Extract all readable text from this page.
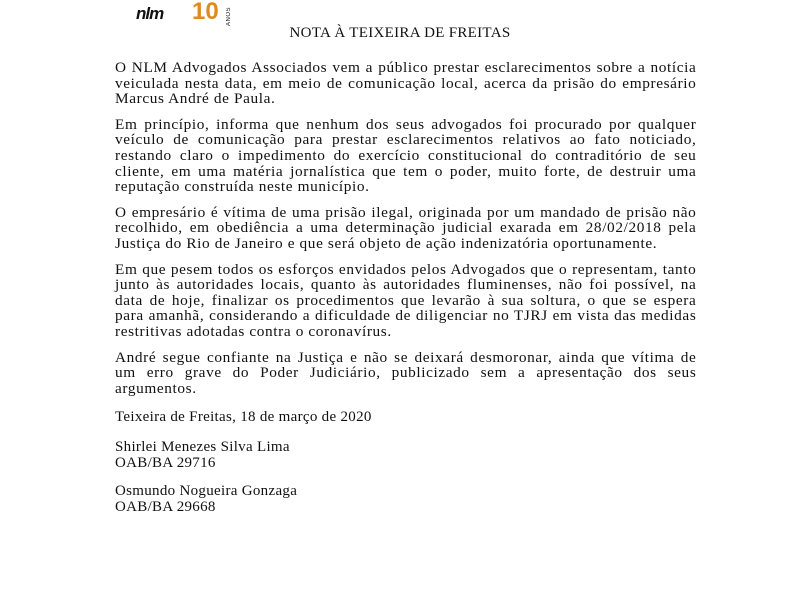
nlm 10 ANOS
NOTA À TEIXEIRA DE FREITAS

O NLM Advogados Associados vem a público prestar esclarecimentos sobre a notícia veiculada nesta data, em meio de comunicação local, acerca da prisão do empresário Marcus André de Paula.

Em princípio, informa que nenhum dos seus advogados foi procurado por qualquer veículo de comunicação para prestar esclarecimentos relativos ao fato noticiado, restando claro o impedimento do exercício constitucional do contraditório de seu cliente, em uma matéria jornalística que tem o poder, muito forte, de destruir uma reputação construída neste município.

O empresário é vítima de uma prisão ilegal, originada por um mandado de prisão não recolhido, em obediência a uma determinação judicial exarada em 28/02/2018 pela Justiça do Rio de Janeiro e que será objeto de ação indenizatória oportunamente.

Em que pesem todos os esforços envidados pelos Advogados que o representam, tanto junto às autoridades locais, quanto às autoridades fluminenses, não foi possível, na data de hoje, finalizar os procedimentos que levarão à sua soltura, o que se espera para amanhã, considerando a dificuldade de diligenciar no TJRJ em vista das medidas restritivas adotadas contra o coronavírus.

André segue confiante na Justiça e não se deixará desmoronar, ainda que vítima de um erro grave do Poder Judiciário, publicizado sem a apresentação dos seus argumentos.

Teixeira de Freitas, 18 de março de 2020
Shirlei Menezes Silva Lima
OAB/BA 29716
Osmundo Nogueira Gonzaga
OAB/BA 29668
